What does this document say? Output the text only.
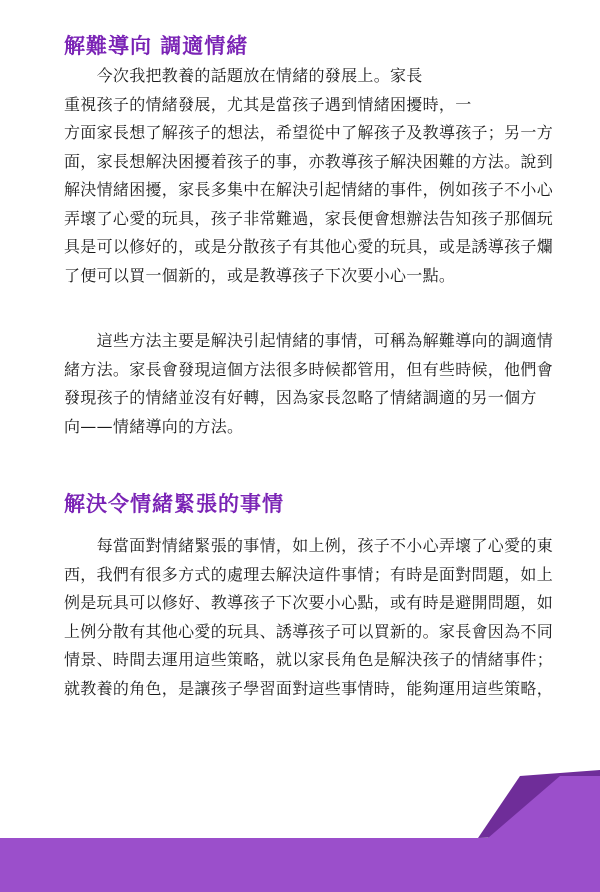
解難導向 調適情緒
　　今次我把教養的話題放在情緒的發展上。家長
重視孩子的情緒發展，尤其是當孩子遇到情緒困擾時，一
方面家長想了解孩子的想法，希望從中了解孩子及教導孩子；另一方
面，家長想解決困擾着孩子的事，亦教導孩子解決困難的方法。說到
解決情緒困擾，家長多集中在解決引起情緒的事件，例如孩子不小心
弄壞了心愛的玩具，孩子非常難過，家長便會想辦法告知孩子那個玩
具是可以修好的，或是分散孩子有其他心愛的玩具，或是誘導孩子爛
了便可以買一個新的，或是教導孩子下次要小心一點。
　　這些方法主要是解決引起情緒的事情，可稱為解難導向的調適情
緒方法。家長會發現這個方法很多時候都管用，但有些時候，他們會
發現孩子的情緒並沒有好轉，因為家長忽略了情緒調適的另一個方
向——情緒導向的方法。
解決令情緒緊張的事情
　　每當面對情緒緊張的事情，如上例，孩子不小心弄壞了心愛的東
西，我們有很多方式的處理去解決這件事情；有時是面對問題，如上
例是玩具可以修好、教導孩子下次要小心點，或有時是避開問題，如
上例分散有其他心愛的玩具、誘導孩子可以買新的。家長會因為不同
情景、時間去運用這些策略，就以家長角色是解決孩子的情緒事件；
就教養的角色，是讓孩子學習面對這些事情時，能夠運用這些策略，
